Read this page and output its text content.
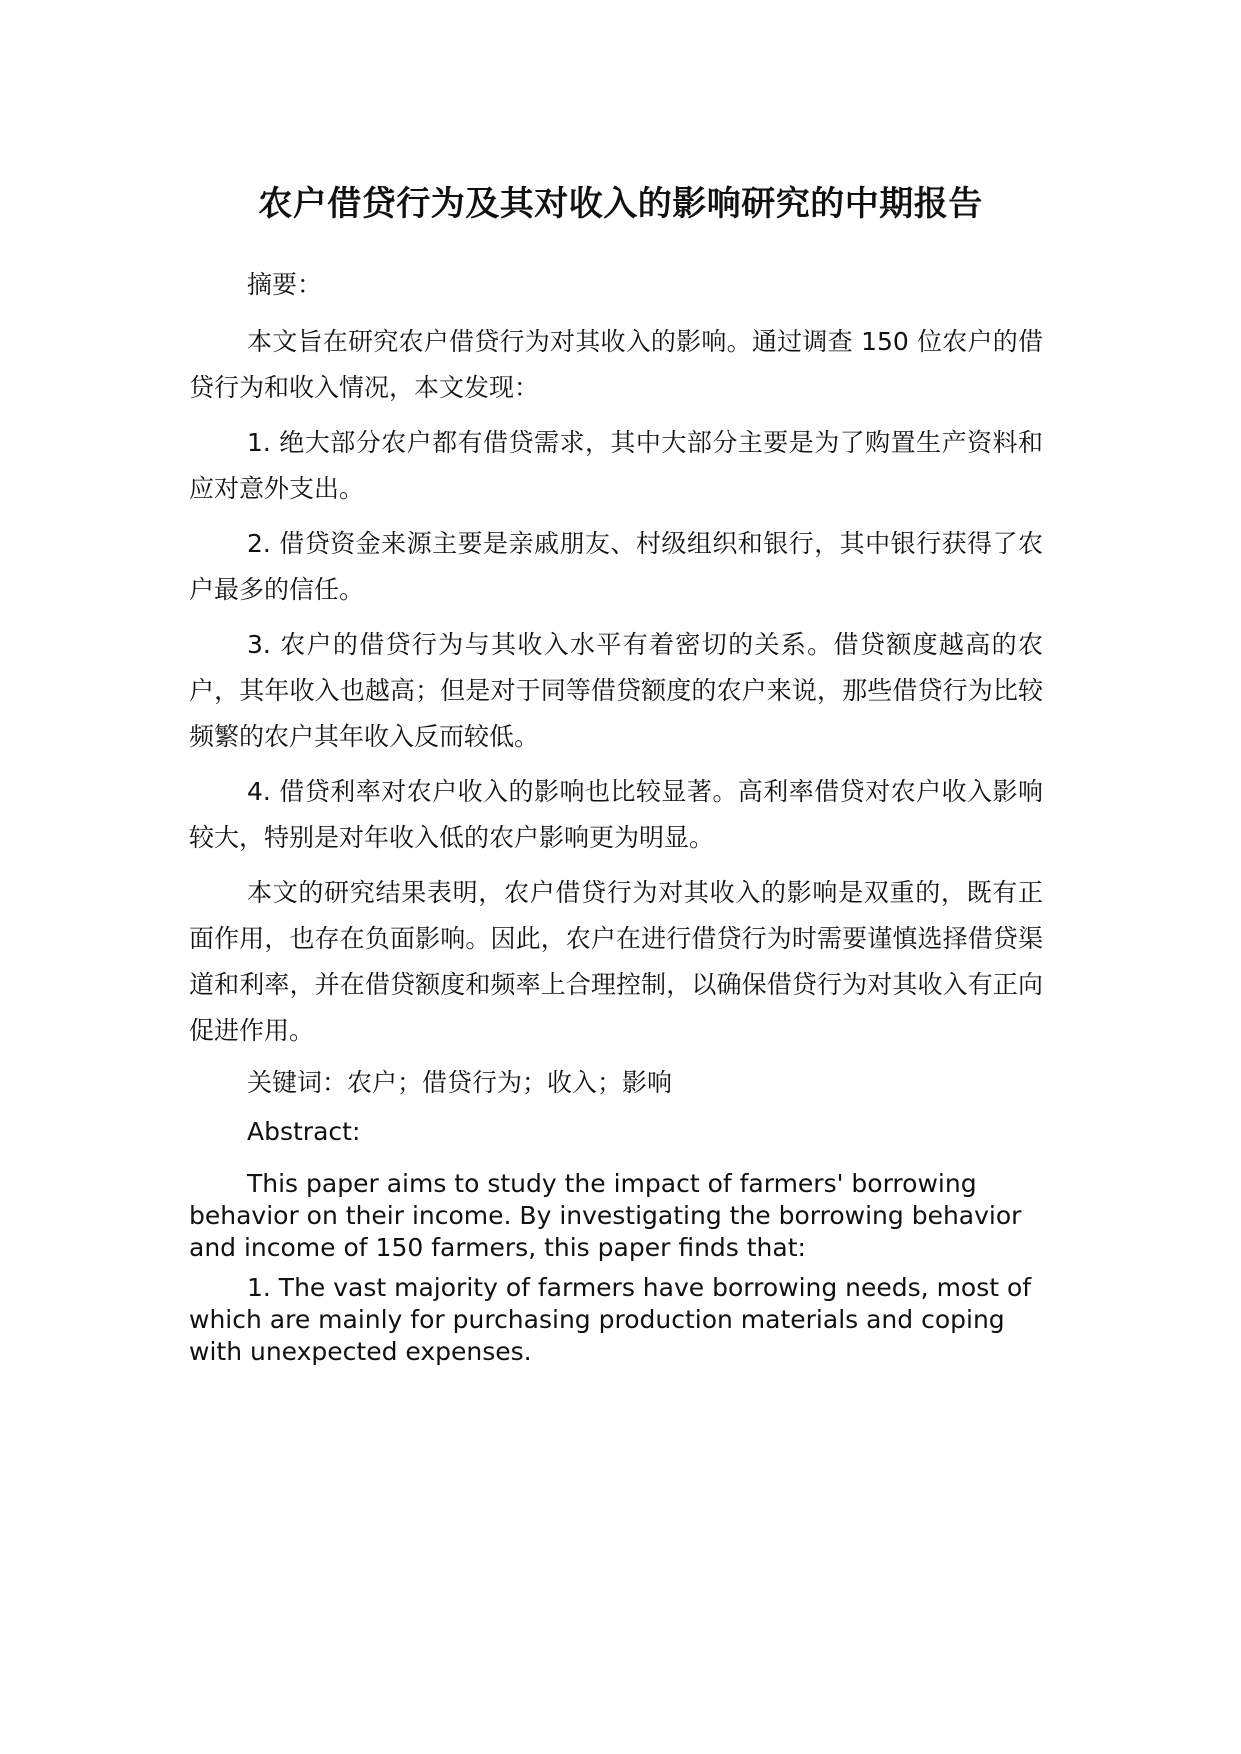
农户借贷行为及其对收入的影响研究的中期报告

摘要：

本文旨在研究农户借贷行为对其收入的影响。通过调查 150 位农户的借贷行为和收入情况，本文发现：

1. 绝大部分农户都有借贷需求，其中大部分主要是为了购置生产资料和应对意外支出。

2. 借贷资金来源主要是亲戚朋友、村级组织和银行，其中银行获得了农户最多的信任。

3. 农户的借贷行为与其收入水平有着密切的关系。借贷额度越高的农户，其年收入也越高；但是对于同等借贷额度的农户来说，那些借贷行为比较频繁的农户其年收入反而较低。

4. 借贷利率对农户收入的影响也比较显著。高利率借贷对农户收入影响较大，特别是对年收入低的农户影响更为明显。

本文的研究结果表明，农户借贷行为对其收入的影响是双重的，既有正面作用，也存在负面影响。因此，农户在进行借贷行为时需要谨慎选择借贷渠道和利率，并在借贷额度和频率上合理控制，以确保借贷行为对其收入有正向促进作用。

关键词：农户；借贷行为；收入；影响

Abstract:

This paper aims to study the impact of farmers' borrowing behavior on their income. By investigating the borrowing behavior and income of 150 farmers, this paper finds that:

1. The vast majority of farmers have borrowing needs, most of which are mainly for purchasing production materials and coping with unexpected expenses.
